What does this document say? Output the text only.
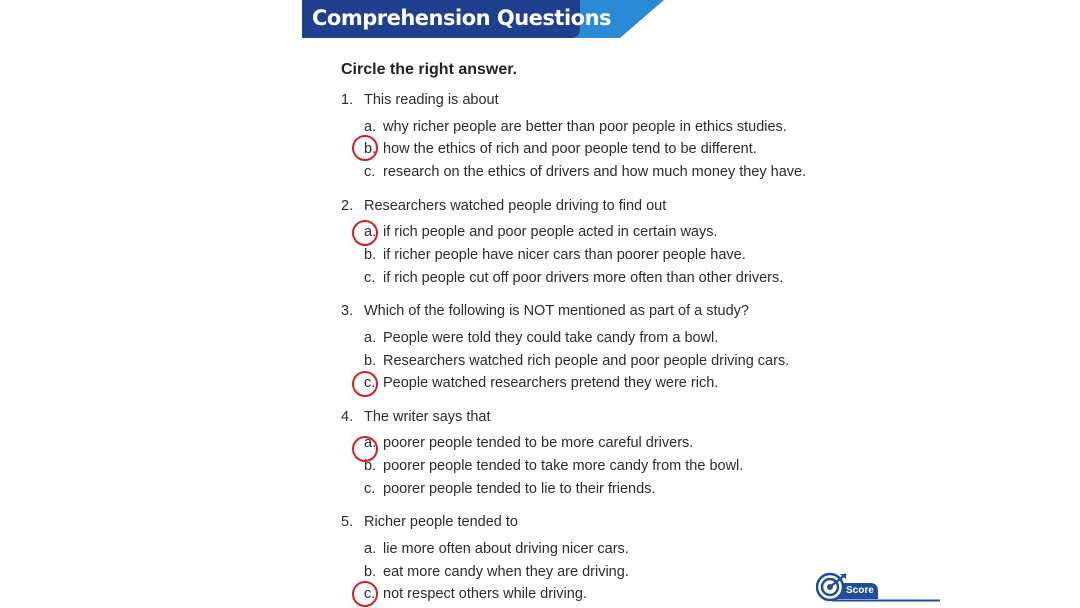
Comprehension Questions
Circle the right answer.
1. This reading is about
a. why richer people are better than poor people in ethics studies.
b. how the ethics of rich and poor people tend to be different.
c. research on the ethics of drivers and how much money they have.
2. Researchers watched people driving to find out
a. if rich people and poor people acted in certain ways.
b. if richer people have nicer cars than poorer people have.
c. if rich people cut off poor drivers more often than other drivers.
3. Which of the following is NOT mentioned as part of a study?
a. People were told they could take candy from a bowl.
b. Researchers watched rich people and poor people driving cars.
c. People watched researchers pretend they were rich.
4. The writer says that
a. poorer people tended to be more careful drivers.
b. poorer people tended to take more candy from the bowl.
c. poorer people tended to lie to their friends.
5. Richer people tended to
a. lie more often about driving nicer cars.
b. eat more candy when they are driving.
c. not respect others while driving.	Score
